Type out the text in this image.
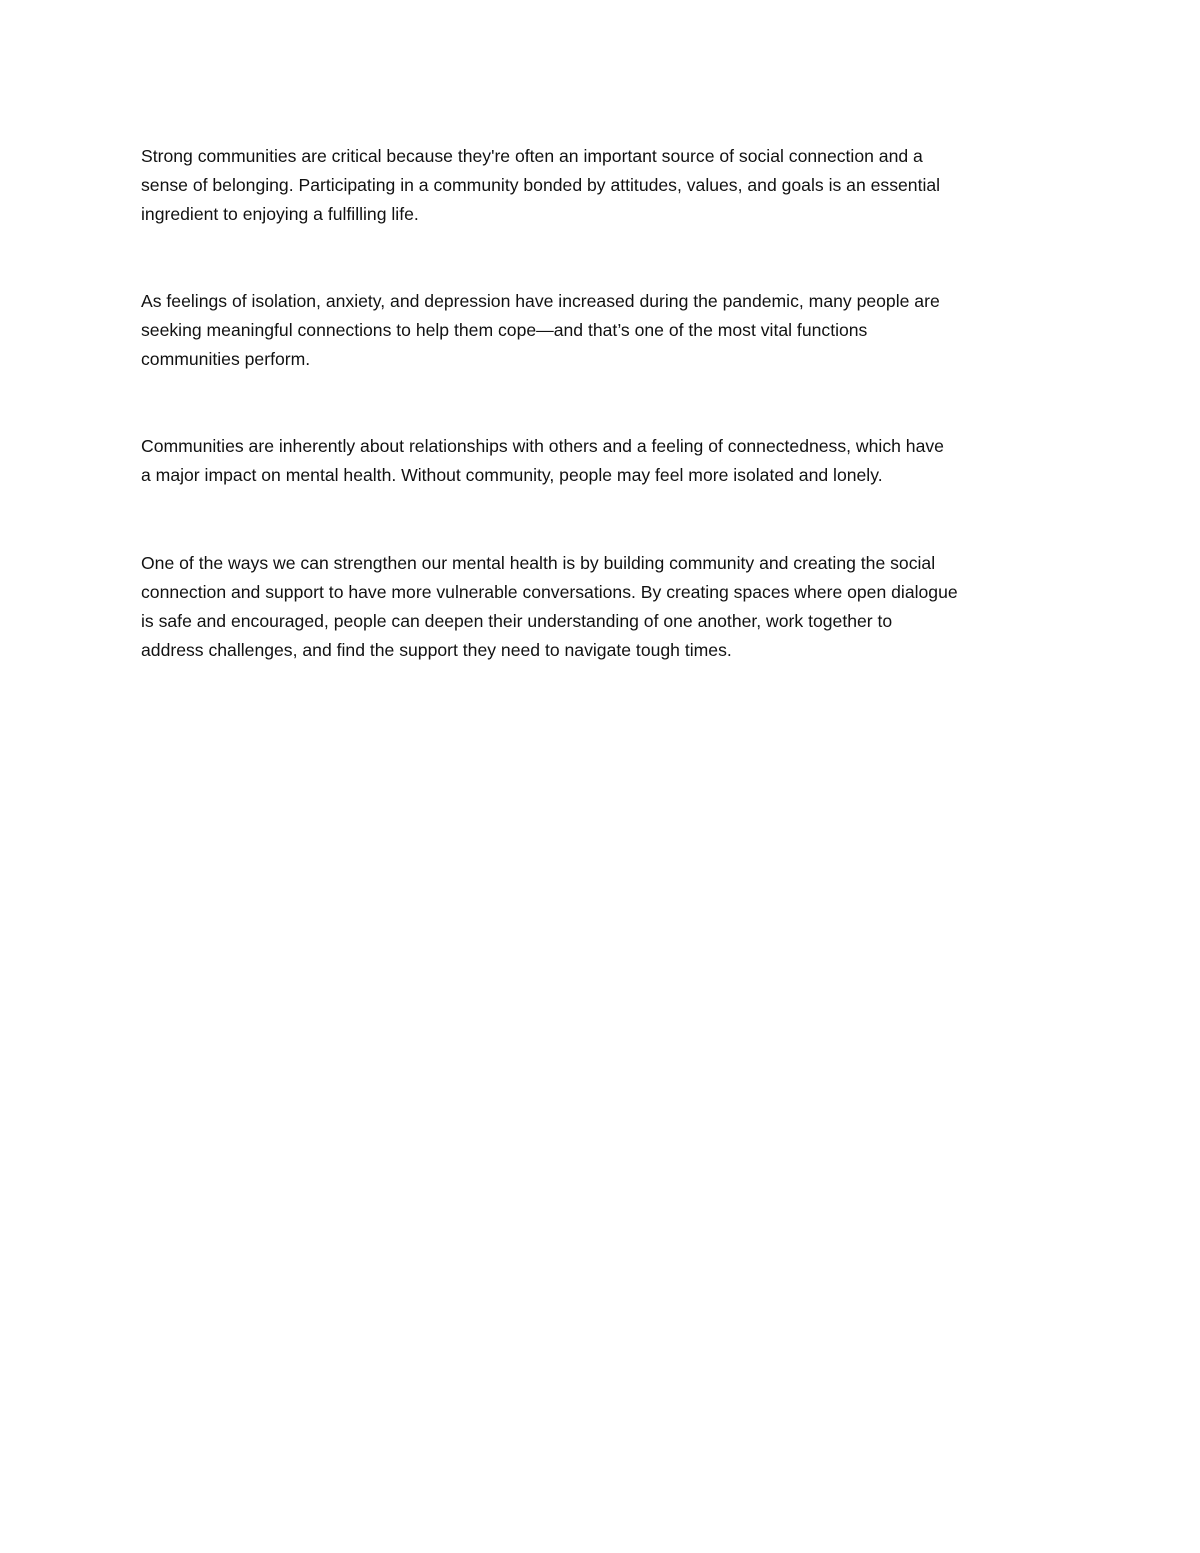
Strong communities are critical because they're often an important source of social connection and a
sense of belonging. Participating in a community bonded by attitudes, values, and goals is an essential
ingredient to enjoying a fulfilling life.

As feelings of isolation, anxiety, and depression have increased during the pandemic, many people are
seeking meaningful connections to help them cope—and that’s one of the most vital functions
communities perform.

Communities are inherently about relationships with others and a feeling of connectedness, which have
a major impact on mental health. Without community, people may feel more isolated and lonely.

One of the ways we can strengthen our mental health is by building community and creating the social
connection and support to have more vulnerable conversations. By creating spaces where open dialogue
is safe and encouraged, people can deepen their understanding of one another, work together to
address challenges, and find the support they need to navigate tough times.
